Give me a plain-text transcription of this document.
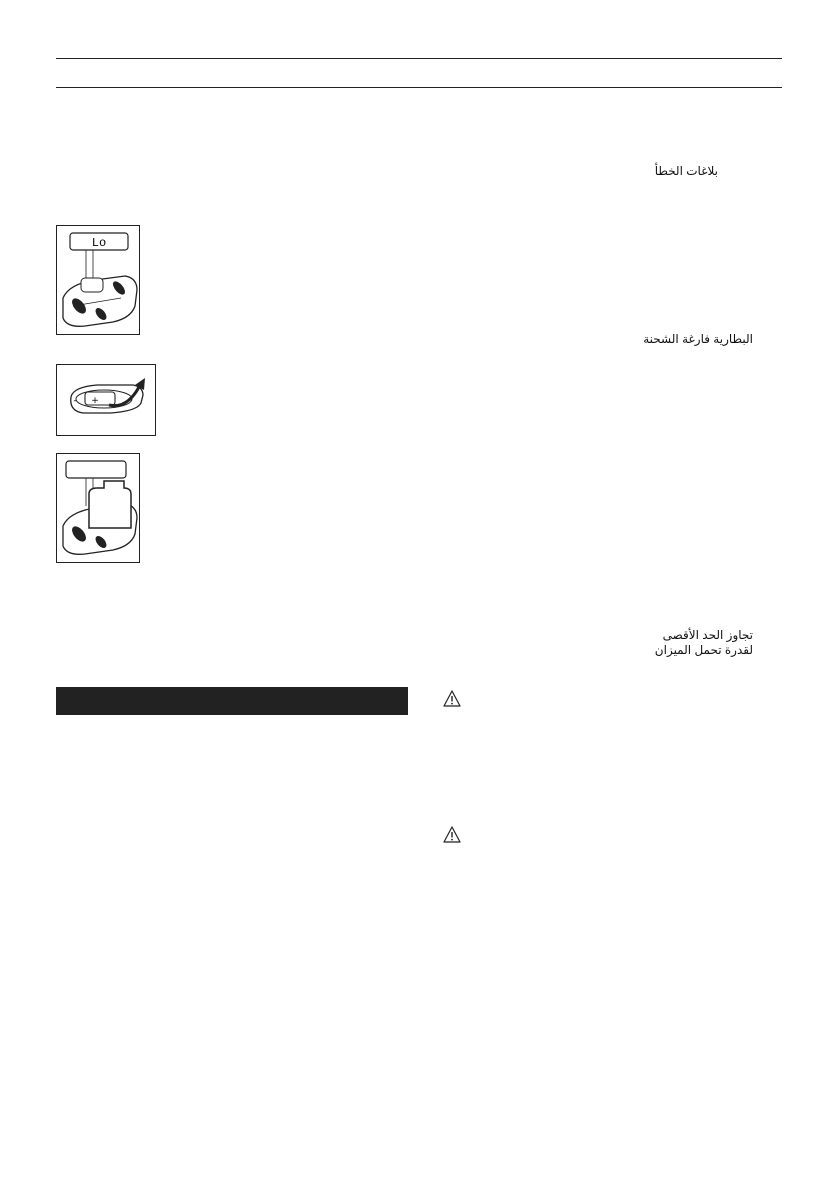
بلاغات الخطأ
البطارية فارغة الشحنة
تجاوز الحد الأقصى
لقدرة تحمل الميزان
Lo
+
-
